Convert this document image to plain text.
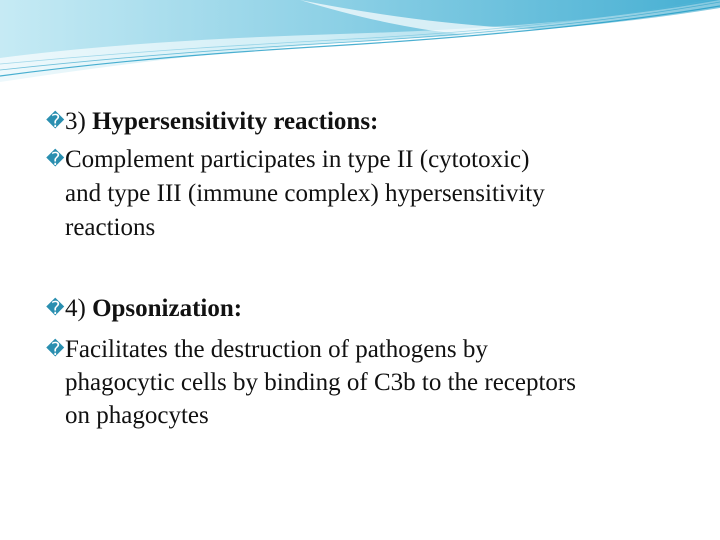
�3) Hypersensitivity reactions:
�Complement participates in type II (cytotoxic)
and type III (immune complex) hypersensitivity
reactions
�4) Opsonization:
�Facilitates the destruction of pathogens by
phagocytic cells by binding of C3b to the receptors
on phagocytes
